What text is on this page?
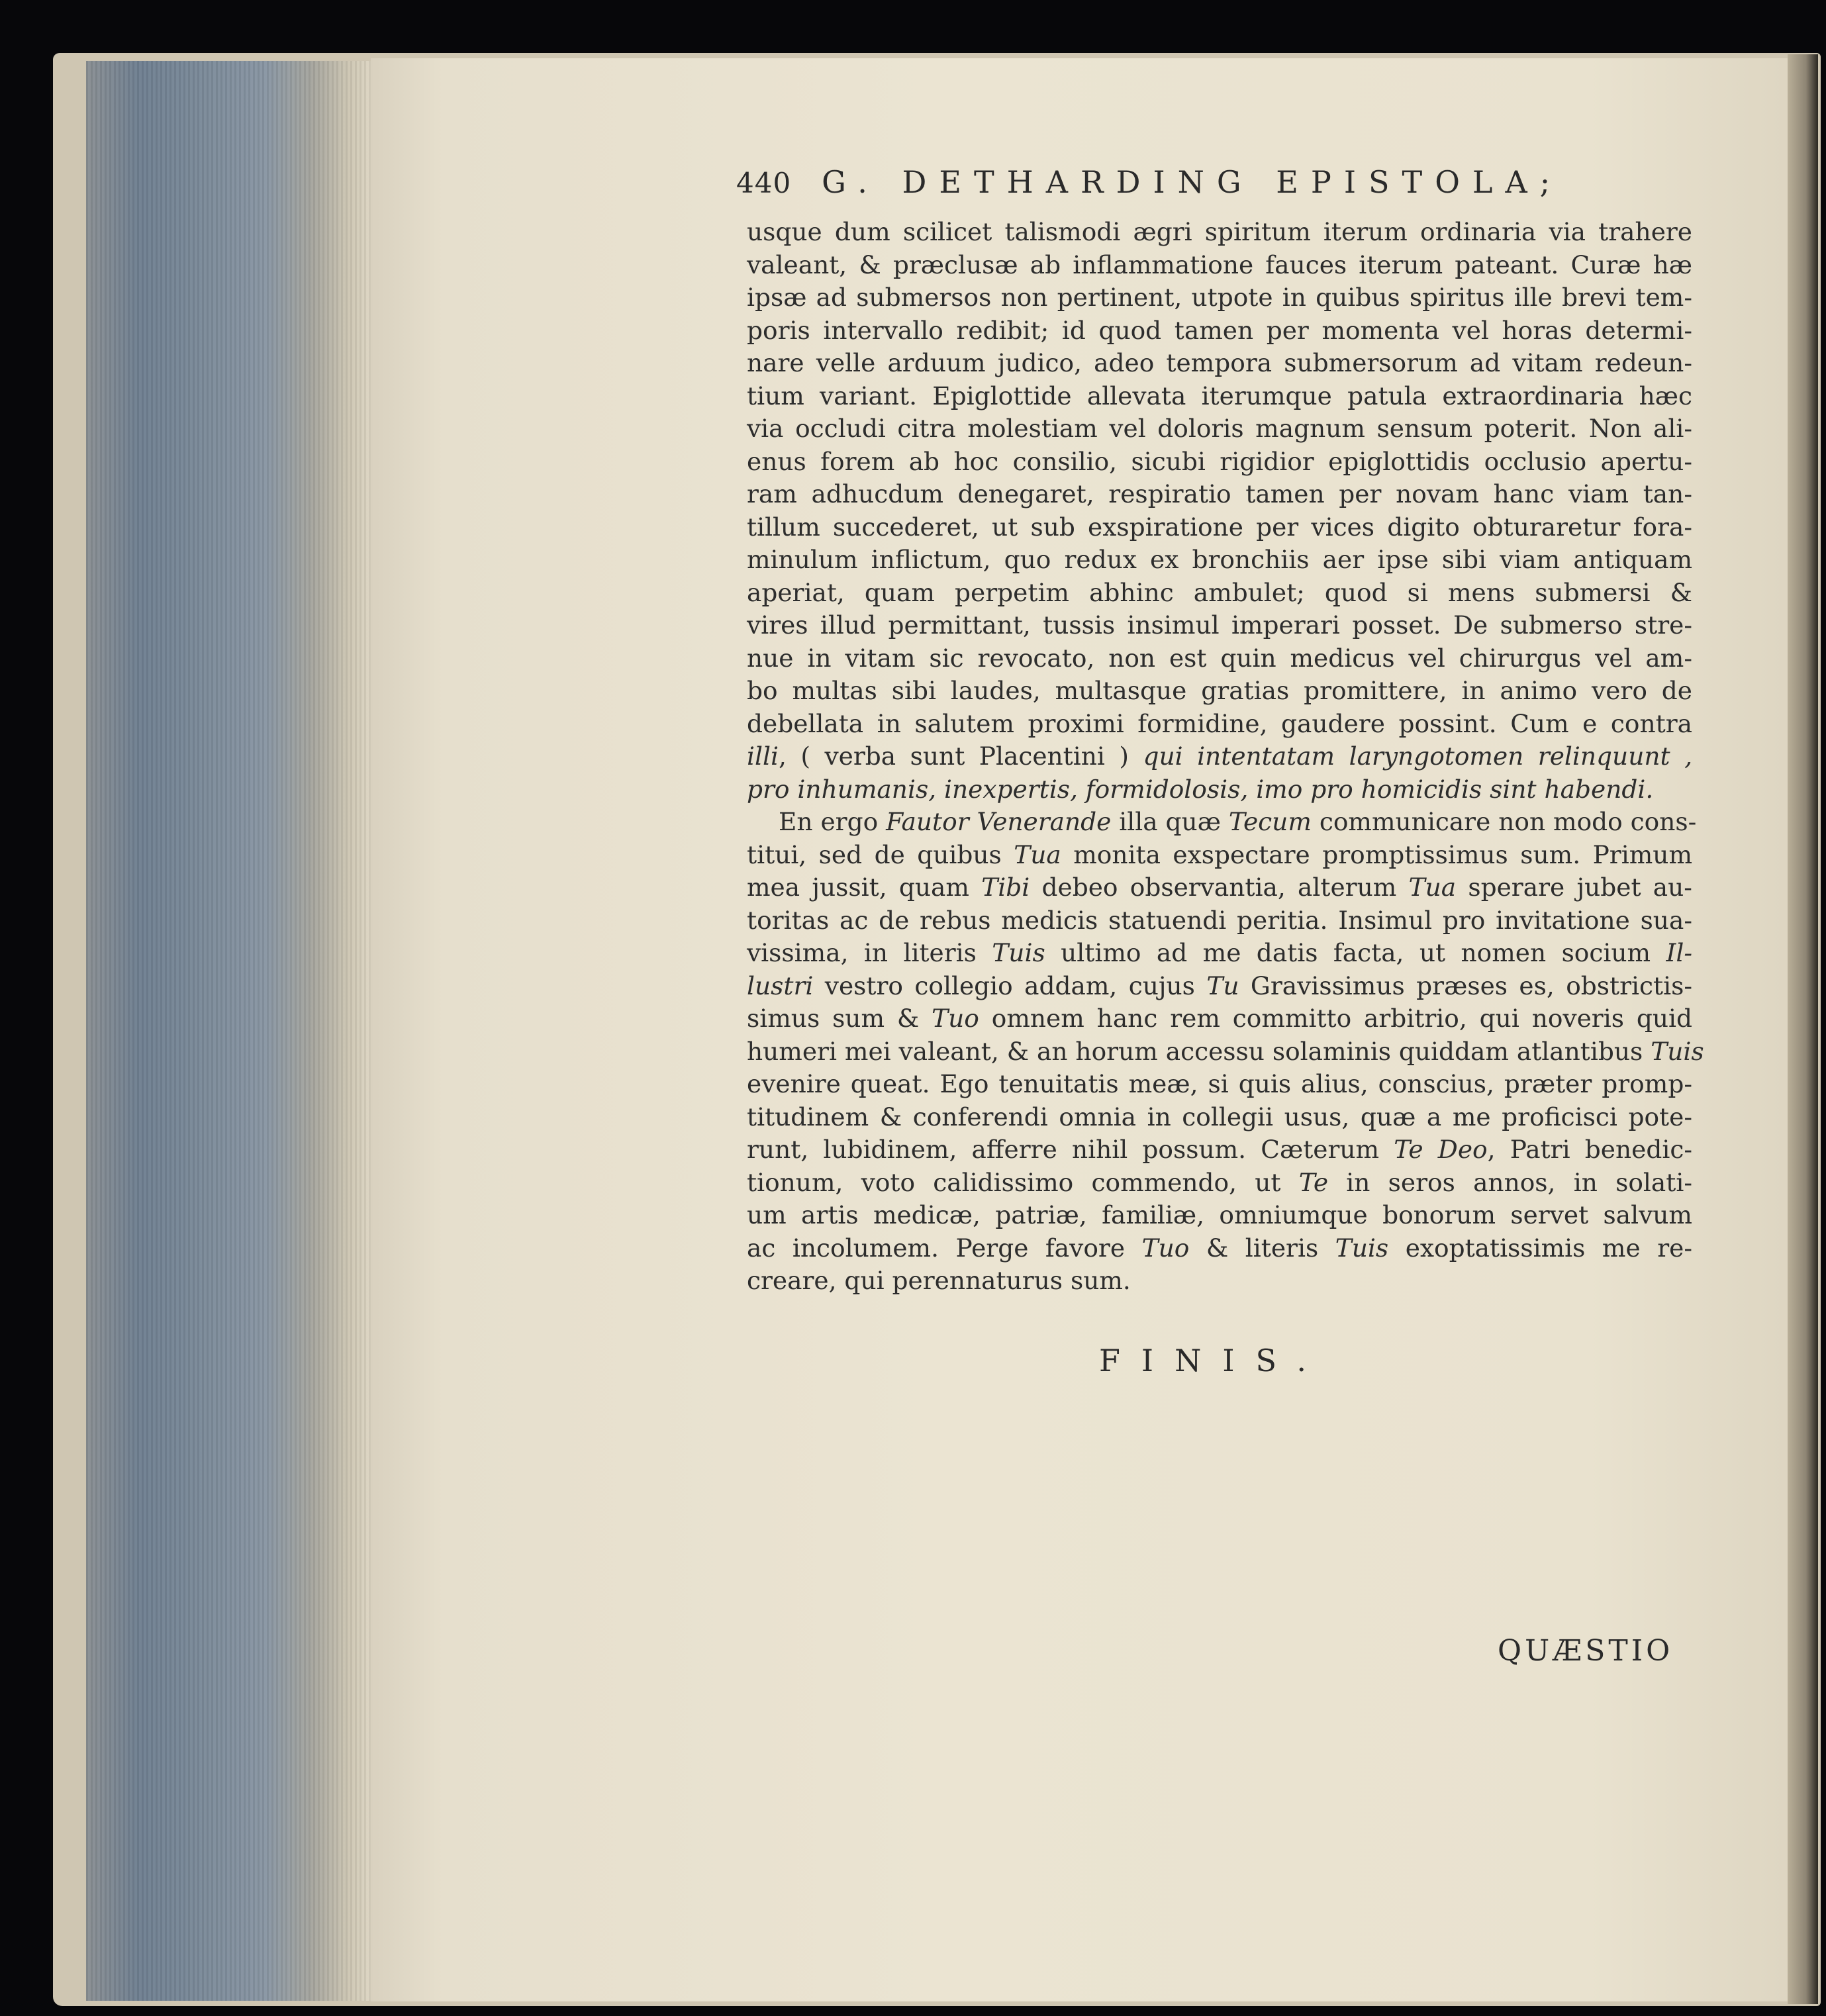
440 G. DETHARDING EPISTOLA;
usque dum scilicet talismodi ægri spiritum iterum ordinaria via trahere
valeant, & præclusæ ab inflammatione fauces iterum pateant. Curæ hæ
ipsæ ad submersos non pertinent, utpote in quibus spiritus ille brevi tem-
poris intervallo redibit; id quod tamen per momenta vel horas determi-
nare velle arduum judico, adeo tempora submersorum ad vitam redeun-
tium variant. Epiglottide allevata iterumque patula extraordinaria hæc
via occludi citra molestiam vel doloris magnum sensum poterit. Non ali-
enus forem ab hoc consilio, sicubi rigidior epiglottidis occlusio apertu-
ram adhucdum denegaret, respiratio tamen per novam hanc viam tan-
tillum succederet, ut sub exspiratione per vices digito obturaretur fora-
minulum inflictum, quo redux ex bronchiis aer ipse sibi viam antiquam
aperiat, quam perpetim abhinc ambulet; quod si mens submersi &
vires illud permittant, tussis insimul imperari posset. De submerso stre-
nue in vitam sic revocato, non est quin medicus vel chirurgus vel am-
bo multas sibi laudes, multasque gratias promittere, in animo vero de
debellata in salutem proximi formidine, gaudere possint. Cum e contra
illi, ( verba sunt Placentini ) qui intentatam laryngotomen relinquunt ,
pro inhumanis, inexpertis, formidolosis, imo pro homicidis sint habendi.
En ergo Fautor Venerande illa quæ Tecum communicare non modo cons-
titui, sed de quibus Tua monita exspectare promptissimus sum. Primum
mea jussit, quam Tibi debeo observantia, alterum Tua sperare jubet au-
toritas ac de rebus medicis statuendi peritia. Insimul pro invitatione sua-
vissima, in literis Tuis ultimo ad me datis facta, ut nomen socium Il-
lustri vestro collegio addam, cujus Tu Gravissimus præses es, obstrictis-
simus sum & Tuo omnem hanc rem committo arbitrio, qui noveris quid
humeri mei valeant, & an horum accessu solaminis quiddam atlantibus Tuis
evenire queat. Ego tenuitatis meæ, si quis alius, conscius, præter promp-
titudinem & conferendi omnia in collegii usus, quæ a me proficisci pote-
runt, lubidinem, afferre nihil possum. Cæterum Te Deo, Patri benedic-
tionum, voto calidissimo commendo, ut Te in seros annos, in solati-
um artis medicæ, patriæ, familiæ, omniumque bonorum servet salvum
ac incolumem. Perge favore Tuo & literis Tuis exoptatissimis me re-
creare, qui perennaturus sum.
FINIS.
QUÆSTIO
